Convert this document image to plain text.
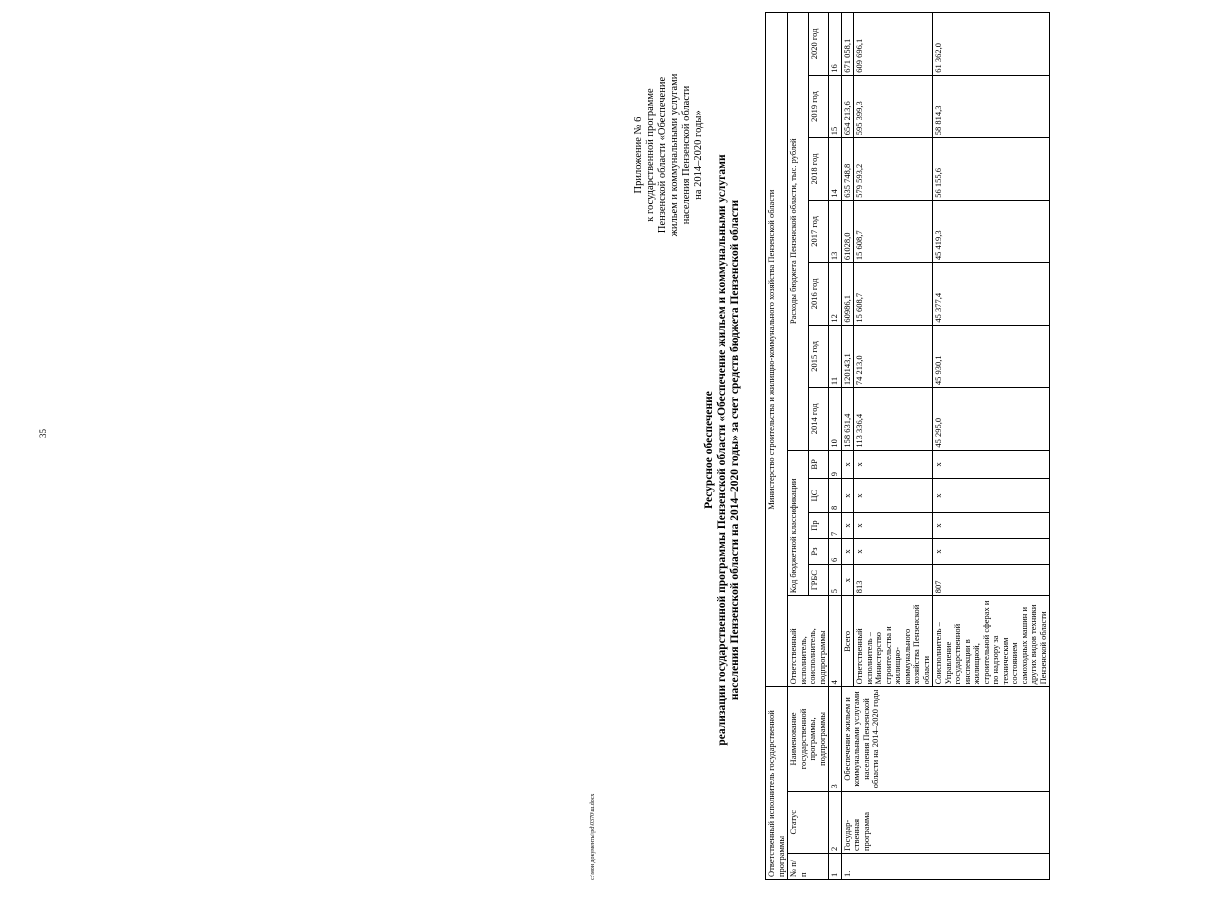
35
c:\мои документы\pd\0370\ш.docx
Приложение № 6 к государственной программе Пензенской области «Обеспечение жильем и коммунальными услугами населения Пензенской области на 2014–2020 годы»
Ресурсное обеспечение реализации государственной программы Пензенской области «Обеспечение жильем и коммунальными услугами населения Пензенской области на 2014–2020 годы» за счет средств бюджета Пензенской области
Ответственный исполнитель государственной программы			Министерство строительства и жилищно-коммунального хозяйства Пензенской области												
№ п/п	Статус	Наименование государственной программы, подпрограммы	Ответственный исполнитель, соисполнитель, подпрограммы	Код бюджетной классификации					Расходы бюджета Пензенской области, тыс. рублей						
				ГРБС	Рз	Пр	ЦС	ВР	2014 год	2015 год	2016 год	2017 год	2018 год	2019 год	2020 год
1	2	3	4	5	6	7	8	9	10	11	12	13	14	15	16
1.	Государ-ственная программа	Обеспечение жильем и коммунальными услугами населения Пензенской области на 2014–2020 годы	Всего	х	х	х	х	х	158 631,4	120143,1	60986,1	61028,0	635 748,8	654 213,6	671 058,1
			Ответственный исполнитель – Министерство строительства и жилищно-коммунального хозяйства Пензенской области	813	х	х	х	х	113 336,4	74 213,0	15 608,7	15 608,7	579 593,2	595 399,3	609 696,1
			Соисполнитель – Управление государственной инспекции в жилищной, строительной сферах и по надзору за техническим состоянием самоходных машин и других видов техники Пензенской области	807	х	х	х	х	45 295,0	45 930,1	45 377,4	45 419,3	56 155,6	58 814,3	61 362,0
